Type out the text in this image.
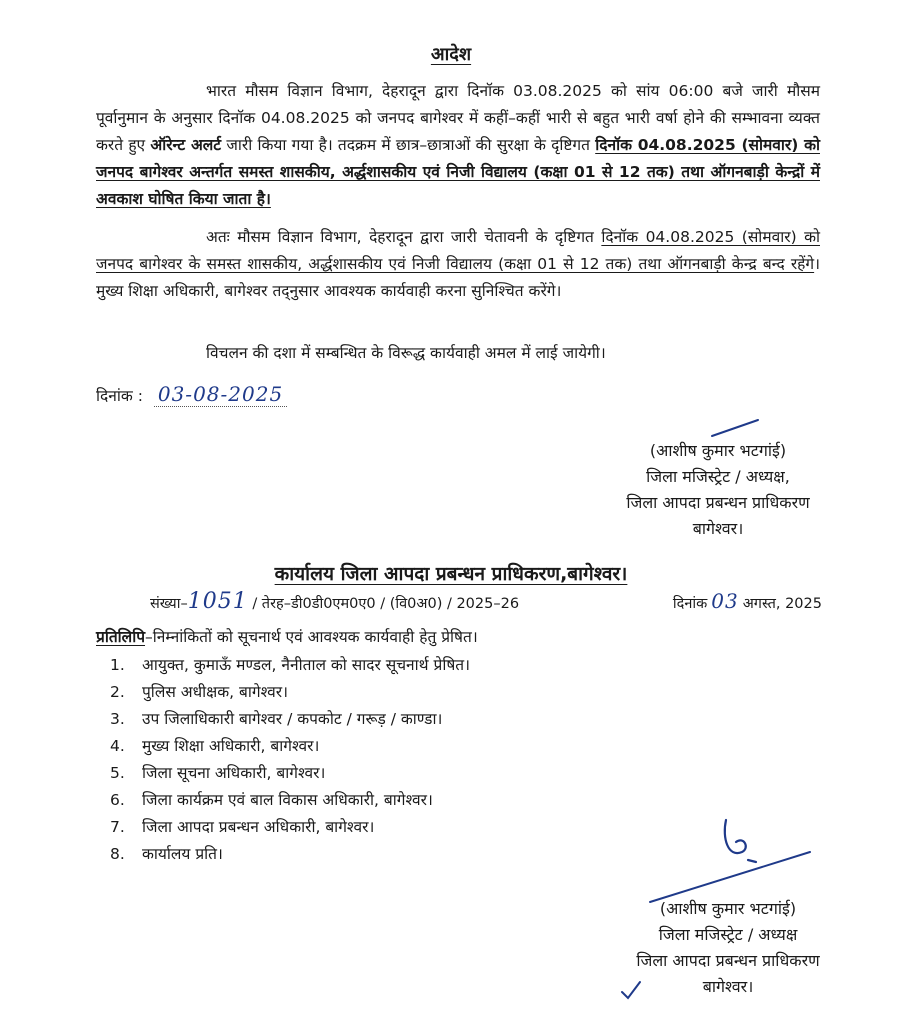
आदेश
भारत मौसम विज्ञान विभाग, देहरादून द्वारा दिनॉक 03.08.2025 को सांय 06:00 बजे जारी मौसम पूर्वानुमान के अनुसार दिनॉक 04.08.2025 को जनपद बागेश्वर में कहीं–कहीं भारी से बहुत भारी वर्षा होने की सम्भावना व्यक्त करते हुए ऑरेन्ट अलर्ट जारी किया गया है। तदक्रम में छात्र–छात्राओं की सुरक्षा के दृष्टिगत दिनॉक 04.08.2025 (सोमवार) को जनपद बागेश्वर अन्तर्गत समस्त शासकीय, अर्द्धशासकीय एवं निजी विद्यालय (कक्षा 01 से 12 तक) तथा ऑगनबाड़ी केन्द्रों में अवकाश घोषित किया जाता है।
अतः मौसम विज्ञान विभाग, देहरादून द्वारा जारी चेतावनी के दृष्टिगत दिनॉक 04.08.2025 (सोमवार) को जनपद बागेश्वर के समस्त शासकीय, अर्द्धशासकीय एवं निजी विद्यालय (कक्षा 01 से 12 तक) तथा ऑगनबाड़ी केन्द्र बन्द रहेंगे। मुख्य शिक्षा अधिकारी, बागेश्वर तद्नुसार आवश्यक कार्यवाही करना सुनिश्चित करेंगे।
विचलन की दशा में सम्बन्धित के विरूद्ध कार्यवाही अमल में लाई जायेगी।
दिनांक : 03-08-2025
(आशीष कुमार भटगांई)
जिला मजिस्ट्रेट / अध्यक्ष,
जिला आपदा प्रबन्धन प्राधिकरण
बागेश्वर।
कार्यालय जिला आपदा प्रबन्धन प्राधिकरण,बागेश्वर।
संख्या–1051 / तेरह–डी0डी0एम0ए0 / (वि0अ0) / 2025–26	दिनांक 03 अगस्त, 2025
प्रतिलिपि–निम्नांकितों को सूचनार्थ एवं आवश्यक कार्यवाही हेतु प्रेषित।
1. आयुक्त, कुमाऊँ मण्डल, नैनीताल को सादर सूचनार्थ प्रेषित।
2. पुलिस अधीक्षक, बागेश्वर।
3. उप जिलाधिकारी बागेश्वर / कपकोट / गरूड़ / काण्डा।
4. मुख्य शिक्षा अधिकारी, बागेश्वर।
5. जिला सूचना अधिकारी, बागेश्वर।
6. जिला कार्यक्रम एवं बाल विकास अधिकारी, बागेश्वर।
7. जिला आपदा प्रबन्धन अधिकारी, बागेश्वर।
8. कार्यालय प्रति।
(आशीष कुमार भटगांई)
जिला मजिस्ट्रेट / अध्यक्ष
जिला आपदा प्रबन्धन प्राधिकरण
बागेश्वर।
